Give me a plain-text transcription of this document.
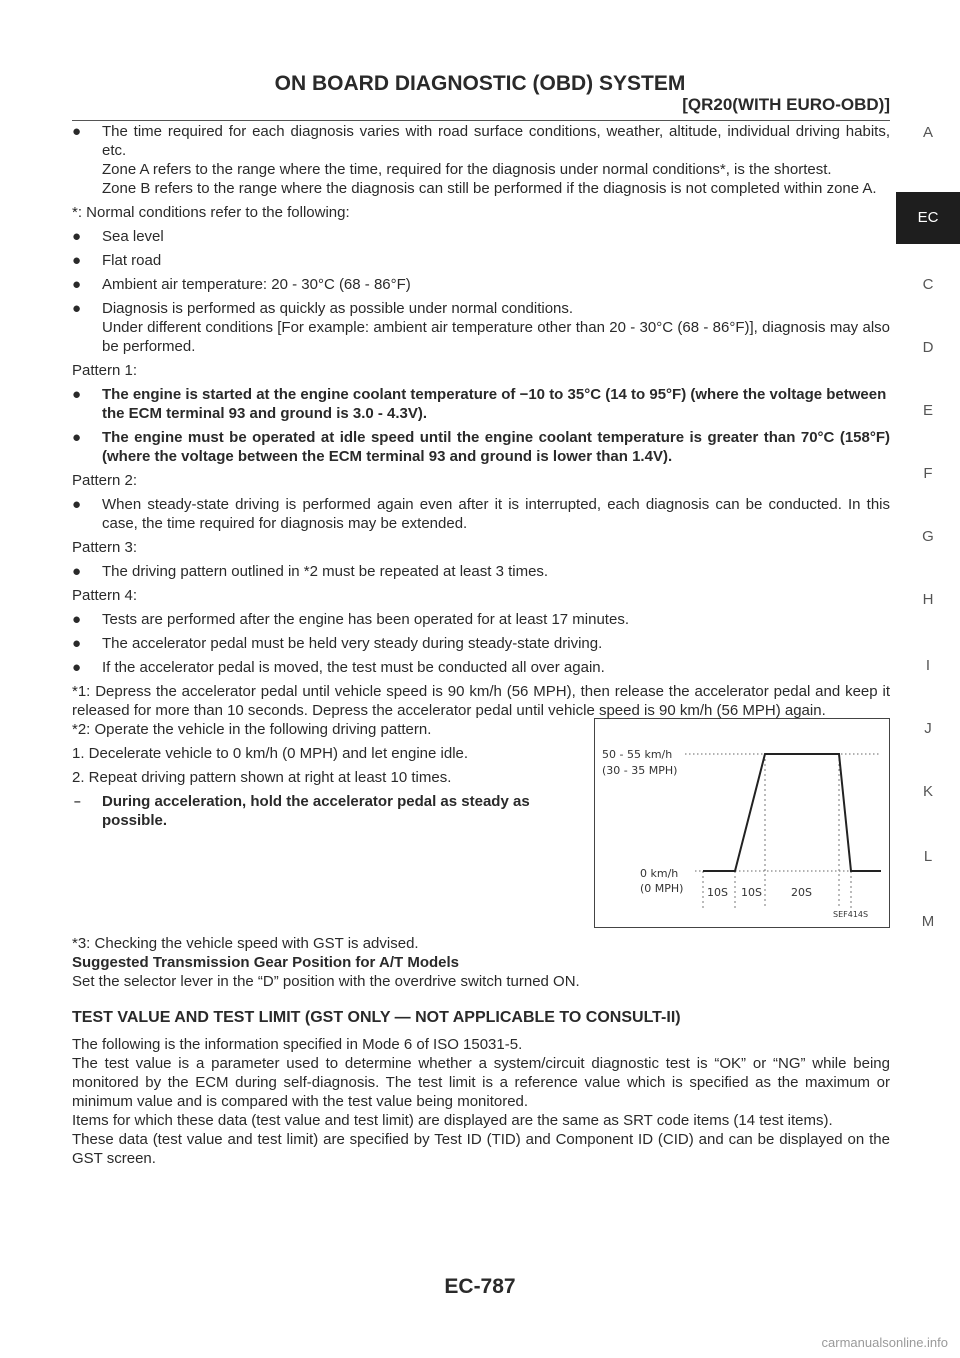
ON BOARD DIAGNOSTIC (OBD) SYSTEM
[QR20(WITH EURO-OBD)]
● The time required for each diagnosis varies with road surface conditions, weather, altitude, individual driving habits, etc.
Zone A refers to the range where the time, required for the diagnosis under normal conditions*, is the shortest.
Zone B refers to the range where the diagnosis can still be performed if the diagnosis is not completed within zone A.
*: Normal conditions refer to the following:
● Sea level
● Flat road
● Ambient air temperature: 20 - 30°C (68 - 86°F)
● Diagnosis is performed as quickly as possible under normal conditions.
Under different conditions [For example: ambient air temperature other than 20 - 30°C (68 - 86°F)], diagnosis may also be performed.
Pattern 1:
● The engine is started at the engine coolant temperature of −10 to 35°C (14 to 95°F) (where the voltage between the ECM terminal 93 and ground is 3.0 - 4.3V).
● The engine must be operated at idle speed until the engine coolant temperature is greater than 70°C (158°F) (where the voltage between the ECM terminal 93 and ground is lower than 1.4V).
Pattern 2:
● When steady-state driving is performed again even after it is interrupted, each diagnosis can be conducted. In this case, the time required for diagnosis may be extended.
Pattern 3:
● The driving pattern outlined in *2 must be repeated at least 3 times.
Pattern 4:
● Tests are performed after the engine has been operated for at least 17 minutes.
● The accelerator pedal must be held very steady during steady-state driving.
● If the accelerator pedal is moved, the test must be conducted all over again.
*1: Depress the accelerator pedal until vehicle speed is 90 km/h (56 MPH), then release the accelerator pedal and keep it released for more than 10 seconds. Depress the accelerator pedal until vehicle speed is 90 km/h (56 MPH) again.
*2: Operate the vehicle in the following driving pattern.
1. Decelerate vehicle to 0 km/h (0 MPH) and let engine idle.
2. Repeat driving pattern shown at right at least 10 times.
– During acceleration, hold the accelerator pedal as steady as possible.
50 - 55 km/h
(30 - 35 MPH)
0 km/h
(0 MPH) 10S 10S	20S
SEF414S
*3: Checking the vehicle speed with GST is advised.
Suggested Transmission Gear Position for A/T Models
Set the selector lever in the “D” position with the overdrive switch turned ON.
TEST VALUE AND TEST LIMIT (GST ONLY — NOT APPLICABLE TO CONSULT-II)
The following is the information specified in Mode 6 of ISO 15031-5.
The test value is a parameter used to determine whether a system/circuit diagnostic test is “OK” or “NG” while being monitored by the ECM during self-diagnosis. The test limit is a reference value which is specified as the maximum or minimum value and is compared with the test value being monitored.
Items for which these data (test value and test limit) are displayed are the same as SRT code items (14 test items).
These data (test value and test limit) are specified by Test ID (TID) and Component ID (CID) and can be displayed on the GST screen.
A
EC
C
D
E
F
G
H
I
J
K
L
M
EC-787
carmanualsonline.info
